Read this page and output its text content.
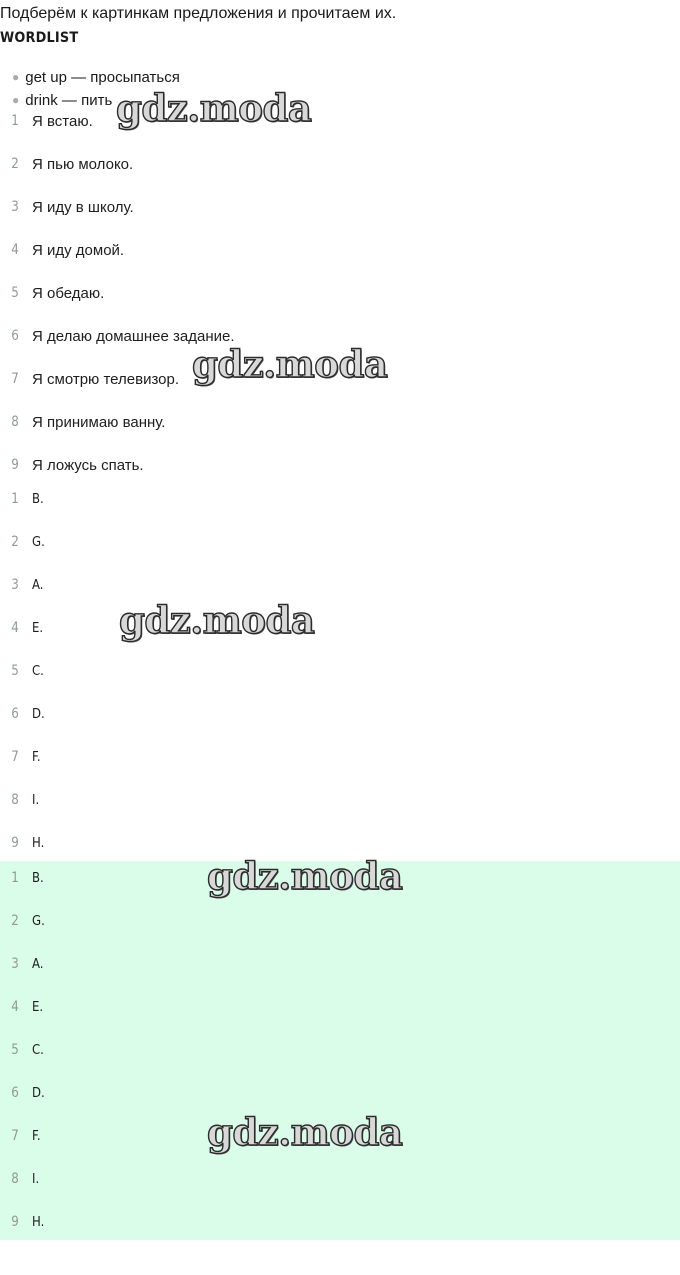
Подберём к картинкам предложения и прочитаем их.
WORDLIST
● get up — просыпаться
● drink — пить
1 Я встаю.
2 Я пью молоко.
3 Я иду в школу.
4 Я иду домой.
5 Я обедаю.
6 Я делаю домашнее задание.
7 Я смотрю телевизор.
8 Я принимаю ванну.
9 Я ложусь спать.
1 B.
2 G.
3 A.
4 E.
5 C.
6 D.
7 F.
8 I.
9 H.
1 B.
2 G.
3 A.
4 E.
5 C.
6 D.
7 F.
8 I.
9 H.
gdz.moda
gdz.moda
gdz.moda
gdz.moda
gdz.moda
